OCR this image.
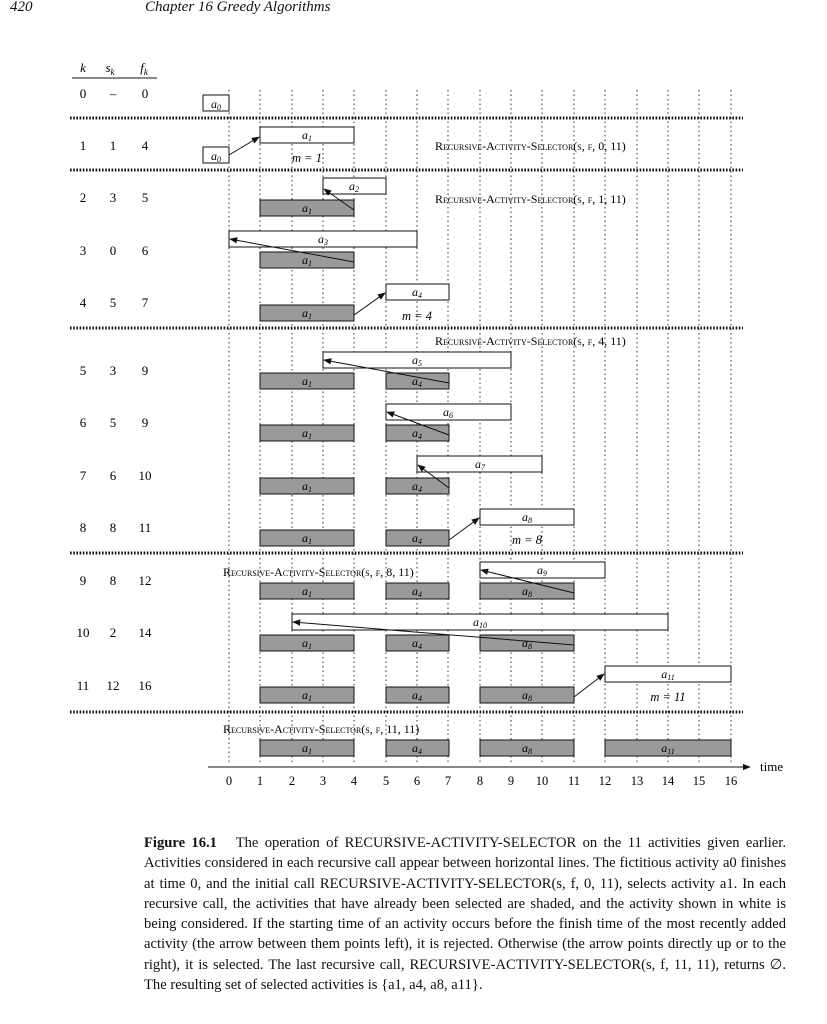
420	Chapter 16 Greedy Algorithms
k $s_k$ $f_k$
0 – 0
1 1 4
2 3 5
3 0 6
4 5 7
5 3 9
6 5 9
7 6 10
8 8 11
9 8 12
10 2 14
11 12 16
a0
a1
a0
a2
a1
a3
a1
a4
a1
a5
a1	a4
a6
a1	a4
a7
a1	a4
a8
a1	a4
a9
a1	a4	a8
a10
a1	a4	a8
a11
a1	a4	a8
a1	a4	a8	a11
m = 1
m = 4
m = 8
m = 11
Recursive-Activity-Selector(s, f, 0, 11)
Recursive-Activity-Selector(s, f, 1, 11)
Recursive-Activity-Selector(s, f, 4, 11)
Recursive-Activity-Selector(s, f, 8, 11)
Recursive-Activity-Selector(s, f, 11, 11)
time
0 1 2 3 4 5 6 7 8 9 10 11 12 13 14 15 16
Figure 16.1 The operation of RECURSIVE-ACTIVITY-SELECTOR on the 11 activities given earlier. Activities considered in each recursive call appear between horizontal lines. The fictitious activity a0 finishes at time 0, and the initial call RECURSIVE-ACTIVITY-SELECTOR(s, f, 0, 11), selects activity a1. In each recursive call, the activities that have already been selected are shaded, and the activity shown in white is being considered. If the starting time of an activity occurs before the finish time of the most recently added activity (the arrow between them points left), it is rejected. Otherwise (the arrow points directly up or to the right), it is selected. The last recursive call, RECURSIVE-ACTIVITY-SELECTOR(s, f, 11, 11), returns ∅. The resulting set of selected activities is {a1, a4, a8, a11}.
